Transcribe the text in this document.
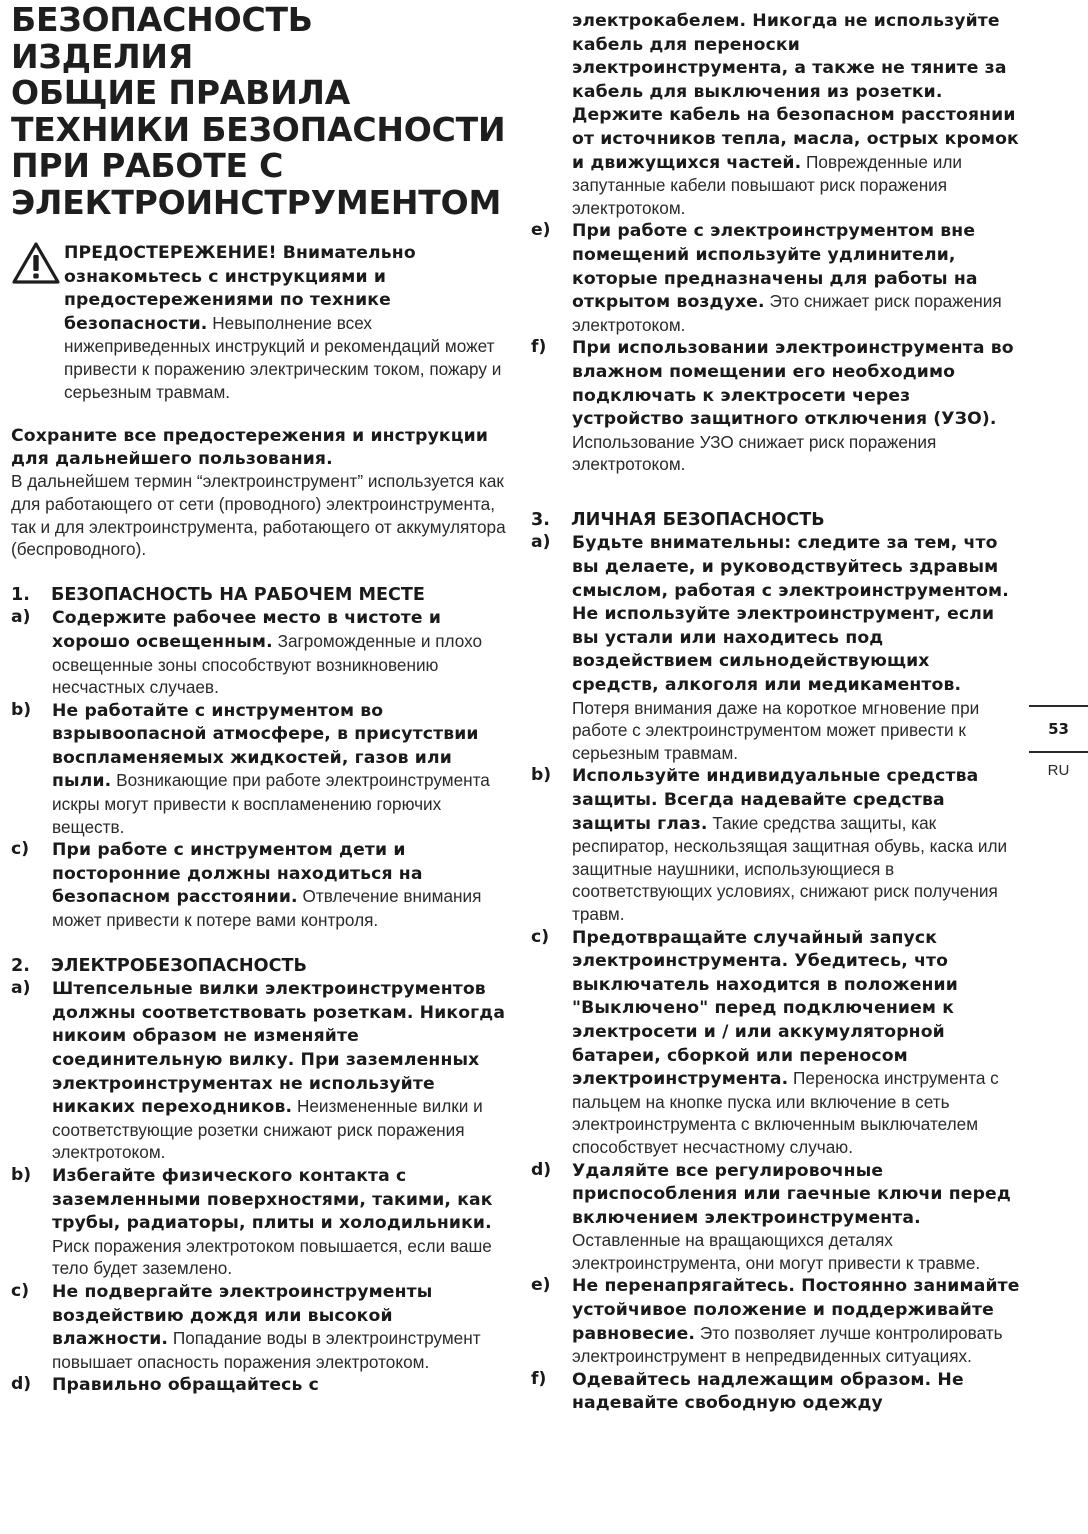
БЕЗОПАСНОСТЬ
ИЗДЕЛИЯ
ОБЩИЕ ПРАВИЛА
ТЕХНИКИ БЕЗОПАСНОСТИ
ПРИ РАБОТЕ С
ЭЛЕКТРОИНСТРУМЕНТОМ
ПРЕДОСТЕРЕЖЕНИЕ! Внимательно ознакомьтесь с инструкциями и предостережениями по технике безопасности. Невыполнение всех нижеприведенных инструкций и рекомендаций может привести к поражению электрическим током, пожару и серьезным травмам.
Сохраните все предостережения и инструкции для дальнейшего пользования.
В дальнейшем термин “электроинструмент” используется как для работающего от сети (проводного) электроинструмента, так и для электроинструмента, работающего от аккумулятора (беспроводного).
1. БЕЗОПАСНОСТЬ НА РАБОЧЕМ МЕСТЕ
a) Содержите рабочее место в чистоте и хорошо освещенным. Загроможденные и плохо освещенные зоны способствуют возникновению несчастных случаев.
b) Не работайте с инструментом во взрывоопасной атмосфере, в присутствии воспламеняемых жидкостей, газов или пыли. Возникающие при работе электроинструмента искры могут привести к воспламенению горючих веществ.
c) При работе с инструментом дети и посторонние должны находиться на безопасном расстоянии. Отвлечение внимания может привести к потере вами контроля.
2. ЭЛЕКТРОБЕЗОПАСНОСТЬ
a) Штепсельные вилки электроинструментов должны соответствовать розеткам. Никогда никоим образом не изменяйте соединительную вилку. При заземленных электроинструментах не используйте никаких переходников. Неизмененные вилки и соответствующие розетки снижают риск поражения электротоком.
b) Избегайте физического контакта с заземленными поверхностями, такими, как трубы, радиаторы, плиты и холодильники. Риск поражения электротоком повышается, если ваше тело будет заземлено.
c) Не подвергайте электроинструменты воздействию дождя или высокой влажности. Попадание воды в электроинструмент повышает опасность поражения электротоком.
d) Правильно обращайтесь с
электрокабелем. Никогда не используйте кабель для переноски электроинструмента, а также не тяните за кабель для выключения из розетки. Держите кабель на безопасном расстоянии от источников тепла, масла, острых кромок и движущихся частей. Поврежденные или запутанные кабели повышают риск поражения электротоком.
e) При работе с электроинструментом вне помещений используйте удлинители, которые предназначены для работы на открытом воздухе. Это снижает риск поражения электротоком.
f) При использовании электроинструмента во влажном помещении его необходимо подключать к электросети через устройство защитного отключения (УЗО). Использование УЗО снижает риск поражения электротоком.
3. ЛИЧНАЯ БЕЗОПАСНОСТЬ
a) Будьте внимательны: следите за тем, что вы делаете, и руководствуйтесь здравым смыслом, работая с электроинструментом. Не используйте электроинструмент, если вы устали или находитесь под воздействием сильнодействующих средств, алкоголя или медикаментов. Потеря внимания даже на короткое мгновение при работе с электроинструментом может привести к серьезным травмам.
b) Используйте индивидуальные средства защиты. Всегда надевайте средства защиты глаз. Такие средства защиты, как респиратор, нескользящая защитная обувь, каска или защитные наушники, использующиеся в соответствующих условиях, снижают риск получения травм.
c) Предотвращайте случайный запуск электроинструмента. Убедитесь, что выключатель находится в положении "Выключено" перед подключением к электросети и / или аккумуляторной батареи, сборкой или переносом электроинструмента. Переноска инструмента с пальцем на кнопке пуска или включение в сеть электроинструмента с включенным выключателем способствует несчастному случаю.
d) Удаляйте все регулировочные приспособления или гаечные ключи перед включением электроинструмента. Оставленные на вращающихся деталях электроинструмента, они могут привести к травме.
e) Не перенапрягайтесь. Постоянно занимайте устойчивое положение и поддерживайте равновесие. Это позволяет лучше контролировать электроинструмент в непредвиденных ситуациях.
f) Одевайтесь надлежащим образом. Не надевайте свободную одежду
53
RU
